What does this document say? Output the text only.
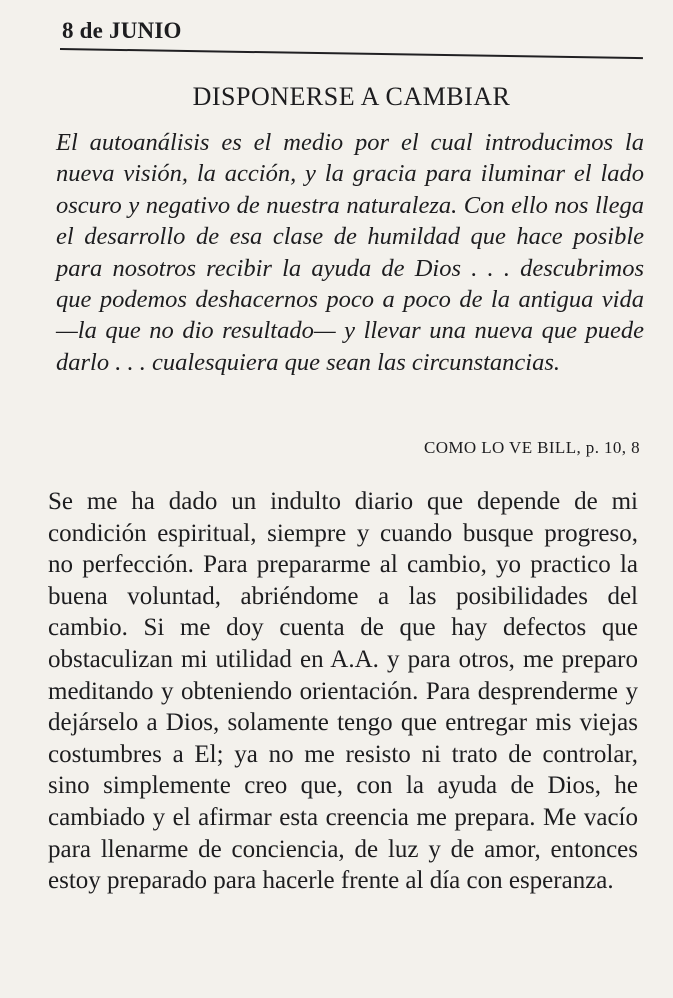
8 de JUNIO
DISPONERSE A CAMBIAR

El autoanálisis es el medio por el cual introducimos la nueva visión, la acción, y la gracia para iluminar el lado oscuro y negativo de nuestra naturaleza. Con ello nos llega el desarrollo de esa clase de humildad que hace posible para nosotros recibir la ayuda de Dios . . . descubrimos que podemos deshacernos poco a poco de la antigua vida —la que no dio resultado— y llevar una nueva que puede darlo . . . cualesquiera que sean las circunstancias.

COMO LO VE BILL, p. 10, 8

Se me ha dado un indulto diario que depende de mi condición espiritual, siempre y cuando busque progreso, no perfección. Para prepararme al cambio, yo practico la buena voluntad, abriéndome a las posibilidades del cambio. Si me doy cuenta de que hay defectos que obstaculizan mi utilidad en A.A. y para otros, me preparo meditando y obteniendo orientación. Para desprenderme y dejárselo a Dios, solamente tengo que entregar mis viejas costumbres a El; ya no me resisto ni trato de controlar, sino simplemente creo que, con la ayuda de Dios, he cambiado y el afirmar esta creencia me prepara. Me vacío para llenarme de conciencia, de luz y de amor, entonces estoy preparado para hacerle frente al día con esperanza.
